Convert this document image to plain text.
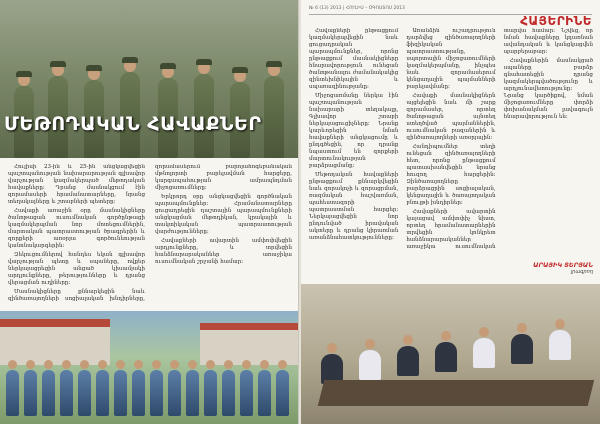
ՄԵԹՈԴԱԿԱՆ ՀԱՎԱՔՆԵՐ

Հուլիսի 23-ին և 25-ին անցկացվեցին պաշտպանության նախարարության գլխավոր վարչության կազմակերպած մեթոդական հավաքները։ Դրանց մասնակցում էին զորամասերի հրամանատարները, նրանց տեղակալները և շտաբների պետերը։

Հավաքի առաջին օրը մասնակիցները ծանոթացան ուսումնական գործընթացի կազմակերպման նոր մոտեցումներին, մարտական պատրաստության ծրագրերին և զորքերի առօրյա գործունեության կանոնակարգերին։

Զեկուցումներով հանդես եկան գլխավոր վարչության պետը և սպաները, ովքեր ներկայացրեցին անցած կիսամյակի արդյունքները, թերությունները և դրանց վերացման ուղիները։

Մասնակիցները քննարկեցին նաև զինծառայողների սոցիալական խնդիրները, զորամասերում բարոյահոգեբանական մթնոլորտի բարելավման հարցերը, կարգապահության ամրապնդման միջոցառումները։

Երկրորդ օրը անցկացվեցին գործնական պարապմունքներ։ Հրամանատարները ցուցադրեցին դաշտային պարապմունքների անցկացման մեթոդիկան, կրակային և տակտիկական պատրաստության վարժությունները։

Հավաքների ավարտին ամփոփվեցին արդյունքները, և տրվեցին հանձնարարականներ առաջիկա ուսումնական շրջանի համար։

№ 6 (13) 2013 | ՀՈՒԼԻՍ – ՕԳՈՍՏՈՍ 2013
ՀԱՅԵՐԻՆԵ

Հավաքների ընթացքում կազմակերպվեցին նաև ցուցադրական պարապմունքներ, որոնց ընթացքում մասնակիցները հնարավորություն ունեցան ծանոթանալու ժամանակակից զինտեխնիկային և սպառազինությանը։

Միջոցառմանը ներկա էին պաշտպանության նախարարի տեղակալը, Գլխավոր շտաբի ներկայացուցիչները։ Նրանք կարևորեցին նման հավաքների անցկացումը և ընդգծեցին, որ դրանք նպաստում են զորքերի մարտունակության բարձրացմանը։

Մեթոդական հավաքների ընթացքում քննարկվեցին նաև զորակոչի և զորացրման, ռազմական հաշվառման, պահեստազորի պատրաստման հարցեր։ Ներկայացվեցին նոր ընդունված իրավական ակտերը և դրանց կիրառման առանձնահատկությունները։

Առանձին ուշադրություն դարձվեց զինծառայողների ֆիզիկական պատրաստությանը, սպորտային միջոցառումների կազմակերպմանը, ինչպես նաև զորամասերում կենցաղային պայմանների բարելավմանը։

Հավաքի մասնակիցներն այցելեցին նաև մի շարք զորամասեր, որտեղ ծանոթացան այնտեղ ստեղծված պայմաններին, ուսումնական բազաներին և զինծառայողների առօրյային։

Հանդիպումներ տեղի ունեցան զինծառայողների հետ, որոնց ընթացքում պատասխանվեցին նրանց հուզող հարցերին։ Զինծառայողները բարձրացրին սոցիալական, կենցաղային և ծառայողական բնույթի խնդիրներ։

Հավաքների ավարտին կայացավ ամփոփիչ նիստ, որտեղ հրամանատարներին տրվեցին կոնկրետ հանձնարարականներ առաջիկա ուսումնական տարվա համար։ Նշվեց, որ նման հավաքները կդառնան ավանդական և կանցկացվեն պարբերաբար։

Հավաքներին մասնակցած սպաները բարձր գնահատեցին դրանց կազմակերպվածությունը և արդյունավետությունը։ Նրանց կարծիքով, նման միջոցառումները փորձի փոխանակման լավագույն հնարավորություն են։

ԱՐԱՅԻԿ ՏԵՐՅԱՆ
լրագրող
